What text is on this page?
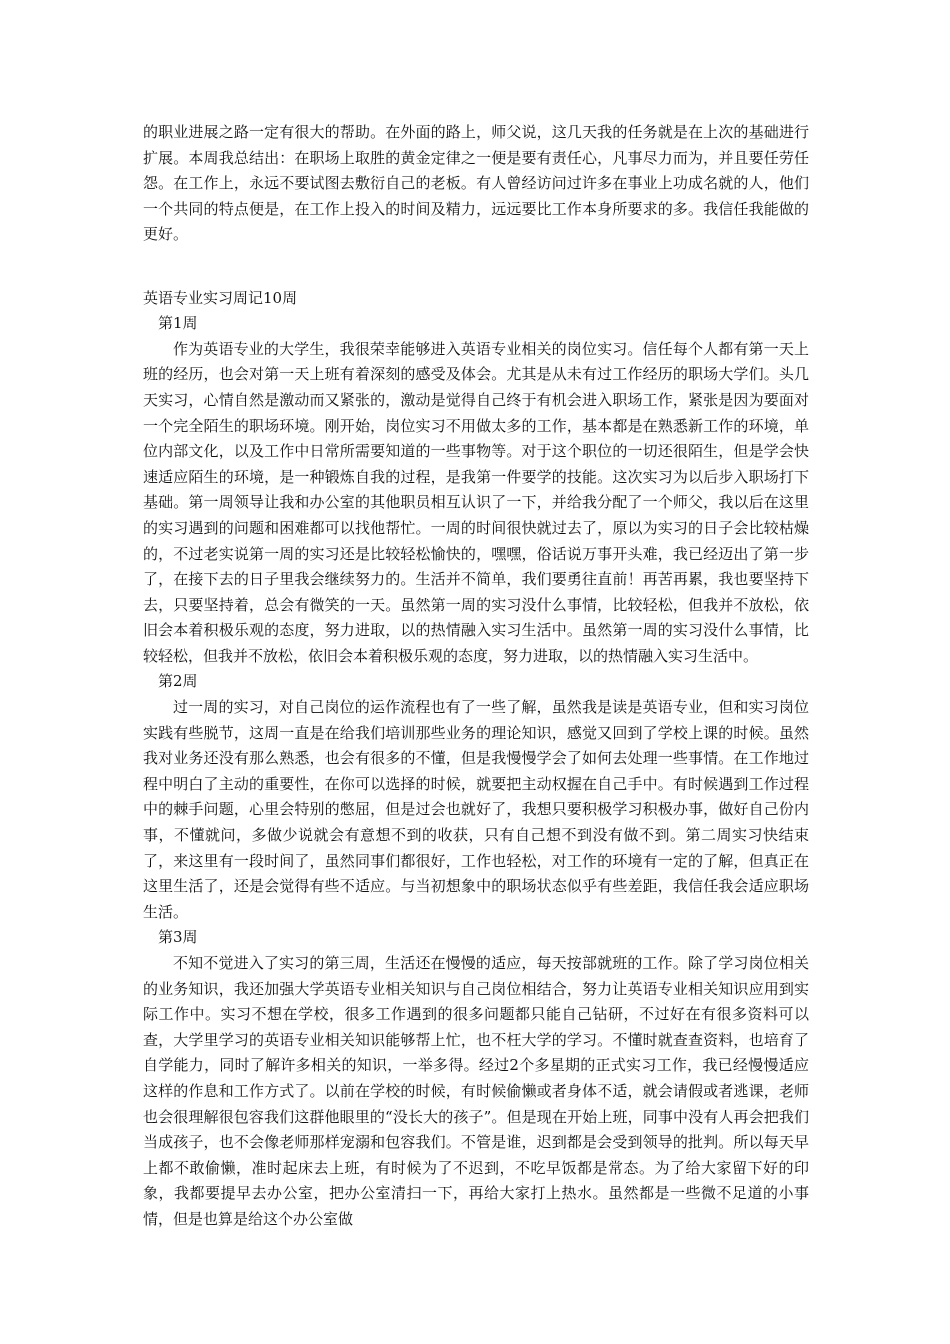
的职业进展之路一定有很大的帮助。在外面的路上，师父说，这几天我的任务就是在上次的基础进行扩展。本周我总结出：在职场上取胜的黄金定律之一便是要有责任心，凡事尽力而为，并且要任劳任怨。在工作上，永远不要试图去敷衍自己的老板。有人曾经访问过许多在事业上功成名就的人，他们一个共同的特点便是，在工作上投入的时间及精力，远远要比工作本身所要求的多。我信任我能做的更好。

英语专业实习周记10周

第1周

作为英语专业的大学生，我很荣幸能够进入英语专业相关的岗位实习。信任每个人都有第一天上班的经历，也会对第一天上班有着深刻的感受及体会。尤其是从未有过工作经历的职场大学们。头几天实习，心情自然是激动而又紧张的，激动是觉得自己终于有机会进入职场工作，紧张是因为要面对一个完全陌生的职场环境。刚开始，岗位实习不用做太多的工作，基本都是在熟悉新工作的环境，单位内部文化，以及工作中日常所需要知道的一些事物等。对于这个职位的一切还很陌生，但是学会快速适应陌生的环境，是一种锻炼自我的过程，是我第一件要学的技能。这次实习为以后步入职场打下基础。第一周领导让我和办公室的其他职员相互认识了一下，并给我分配了一个师父，我以后在这里的实习遇到的问题和困难都可以找他帮忙。一周的时间很快就过去了，原以为实习的日子会比较枯燥的，不过老实说第一周的实习还是比较轻松愉快的，嘿嘿，俗话说万事开头难，我已经迈出了第一步了，在接下去的日子里我会继续努力的。生活并不简单，我们要勇往直前！再苦再累，我也要坚持下去，只要坚持着，总会有微笑的一天。虽然第一周的实习没什么事情，比较轻松，但我并不放松，依旧会本着积极乐观的态度，努力进取，以的热情融入实习生活中。虽然第一周的实习没什么事情，比较轻松，但我并不放松，依旧会本着积极乐观的态度，努力进取，以的热情融入实习生活中。

第2周

过一周的实习，对自己岗位的运作流程也有了一些了解，虽然我是读是英语专业，但和实习岗位实践有些脱节，这周一直是在给我们培训那些业务的理论知识，感觉又回到了学校上课的时候。虽然我对业务还没有那么熟悉，也会有很多的不懂，但是我慢慢学会了如何去处理一些事情。在工作地过程中明白了主动的重要性，在你可以选择的时候，就要把主动权握在自己手中。有时候遇到工作过程中的棘手问题，心里会特别的憋屈，但是过会也就好了，我想只要积极学习积极办事，做好自己份内事，不懂就问，多做少说就会有意想不到的收获，只有自己想不到没有做不到。第二周实习快结束了，来这里有一段时间了，虽然同事们都很好，工作也轻松，对工作的环境有一定的了解，但真正在这里生活了，还是会觉得有些不适应。与当初想象中的职场状态似乎有些差距，我信任我会适应职场生活。

第3周

不知不觉进入了实习的第三周，生活还在慢慢的适应，每天按部就班的工作。除了学习岗位相关的业务知识，我还加强大学英语专业相关知识与自己岗位相结合，努力让英语专业相关知识应用到实际工作中。实习不想在学校，很多工作遇到的很多问题都只能自己钻研，不过好在有很多资料可以查，大学里学习的英语专业相关知识能够帮上忙，也不枉大学的学习。不懂时就查查资料，也培育了自学能力，同时了解许多相关的知识，一举多得。经过2个多星期的正式实习工作，我已经慢慢适应这样的作息和工作方式了。以前在学校的时候，有时候偷懒或者身体不适，就会请假或者逃课，老师也会很理解很包容我们这群他眼里的“没长大的孩子”。但是现在开始上班，同事中没有人再会把我们当成孩子，也不会像老师那样宠溺和包容我们。不管是谁，迟到都是会受到领导的批判。所以每天早上都不敢偷懒，准时起床去上班，有时候为了不迟到，不吃早饭都是常态。为了给大家留下好的印象，我都要提早去办公室，把办公室清扫一下，再给大家打上热水。虽然都是一些微不足道的小事情，但是也算是给这个办公室做
